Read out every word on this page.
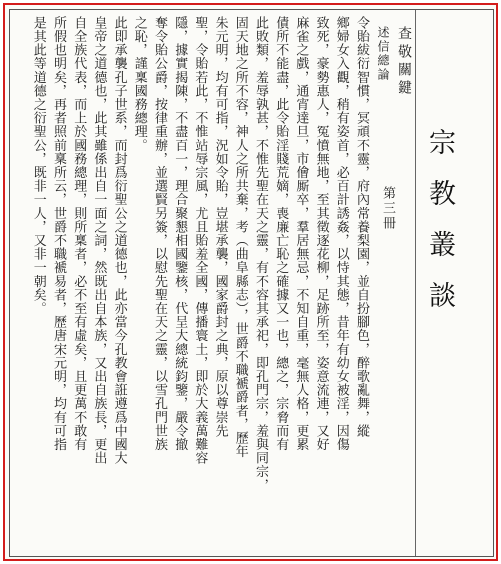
宗教叢談
第三冊
查敬關鍵
述信總論
令貽紱衍智慣，冥頑不靈，府內常養梨園，並自扮腳色，醉歌亂舞，縱
鄉婦女入觀，稍有姿首，必百計誘姦，以恃其態，昔年有幼女被淫，因傷
致死，豪勢惠人，冤憤無地，至其徵逐花柳，足跡所至，姿意流連，又好
麻雀之戲，通宵達旦，市儈厮卒，羣居無忌，不知自重，毫無人格，更累
債所不能盡，此令貽淫賤荒嫡，喪廉亡恥之確據又一也，總之，宗脅而有
此敗類，羞辱孰甚，不惟先聖在天之靈，有不容其承祀，即孔門宗，羞與同宗，
固天地之所不容，神人之所共棄，考（曲阜縣志），世爵不職褫爵者，歷年
朱元明，均有可指，況如令貽，豈堪承襲，國家爵封之典，原以尊崇先
聖，令貽若此，不惟站辱宗風，尤且貽羞全國，傳播寰土，即於大義萬難容
隱，據實揭陳，不盡百一，理合聚懇相國鑒核，代呈大總統鈞鑒，嚴令撤
奪令貽公爵，按律重辦，並選賢另簽，以慰先聖在天之靈，以雪孔門世族
之恥，謹稟國務總理。
此即承襲孔子世系，而封爲衍聖公之道德也，此亦當今孔教會誑遵爲中國大
皇帝之道德也，此其雖係出自一面之詞，然既出自本族，又出自族長，更出
自全族代表，而上於國務總理，則所稟者，必不至有虛矣，且更萬不敢有
所假也明矣，再者照前稟所云，世爵不職褫易者，歷唐宋元明，均有可指
是其此等道德之衍聖公，既非一人，又非一朝矣。
